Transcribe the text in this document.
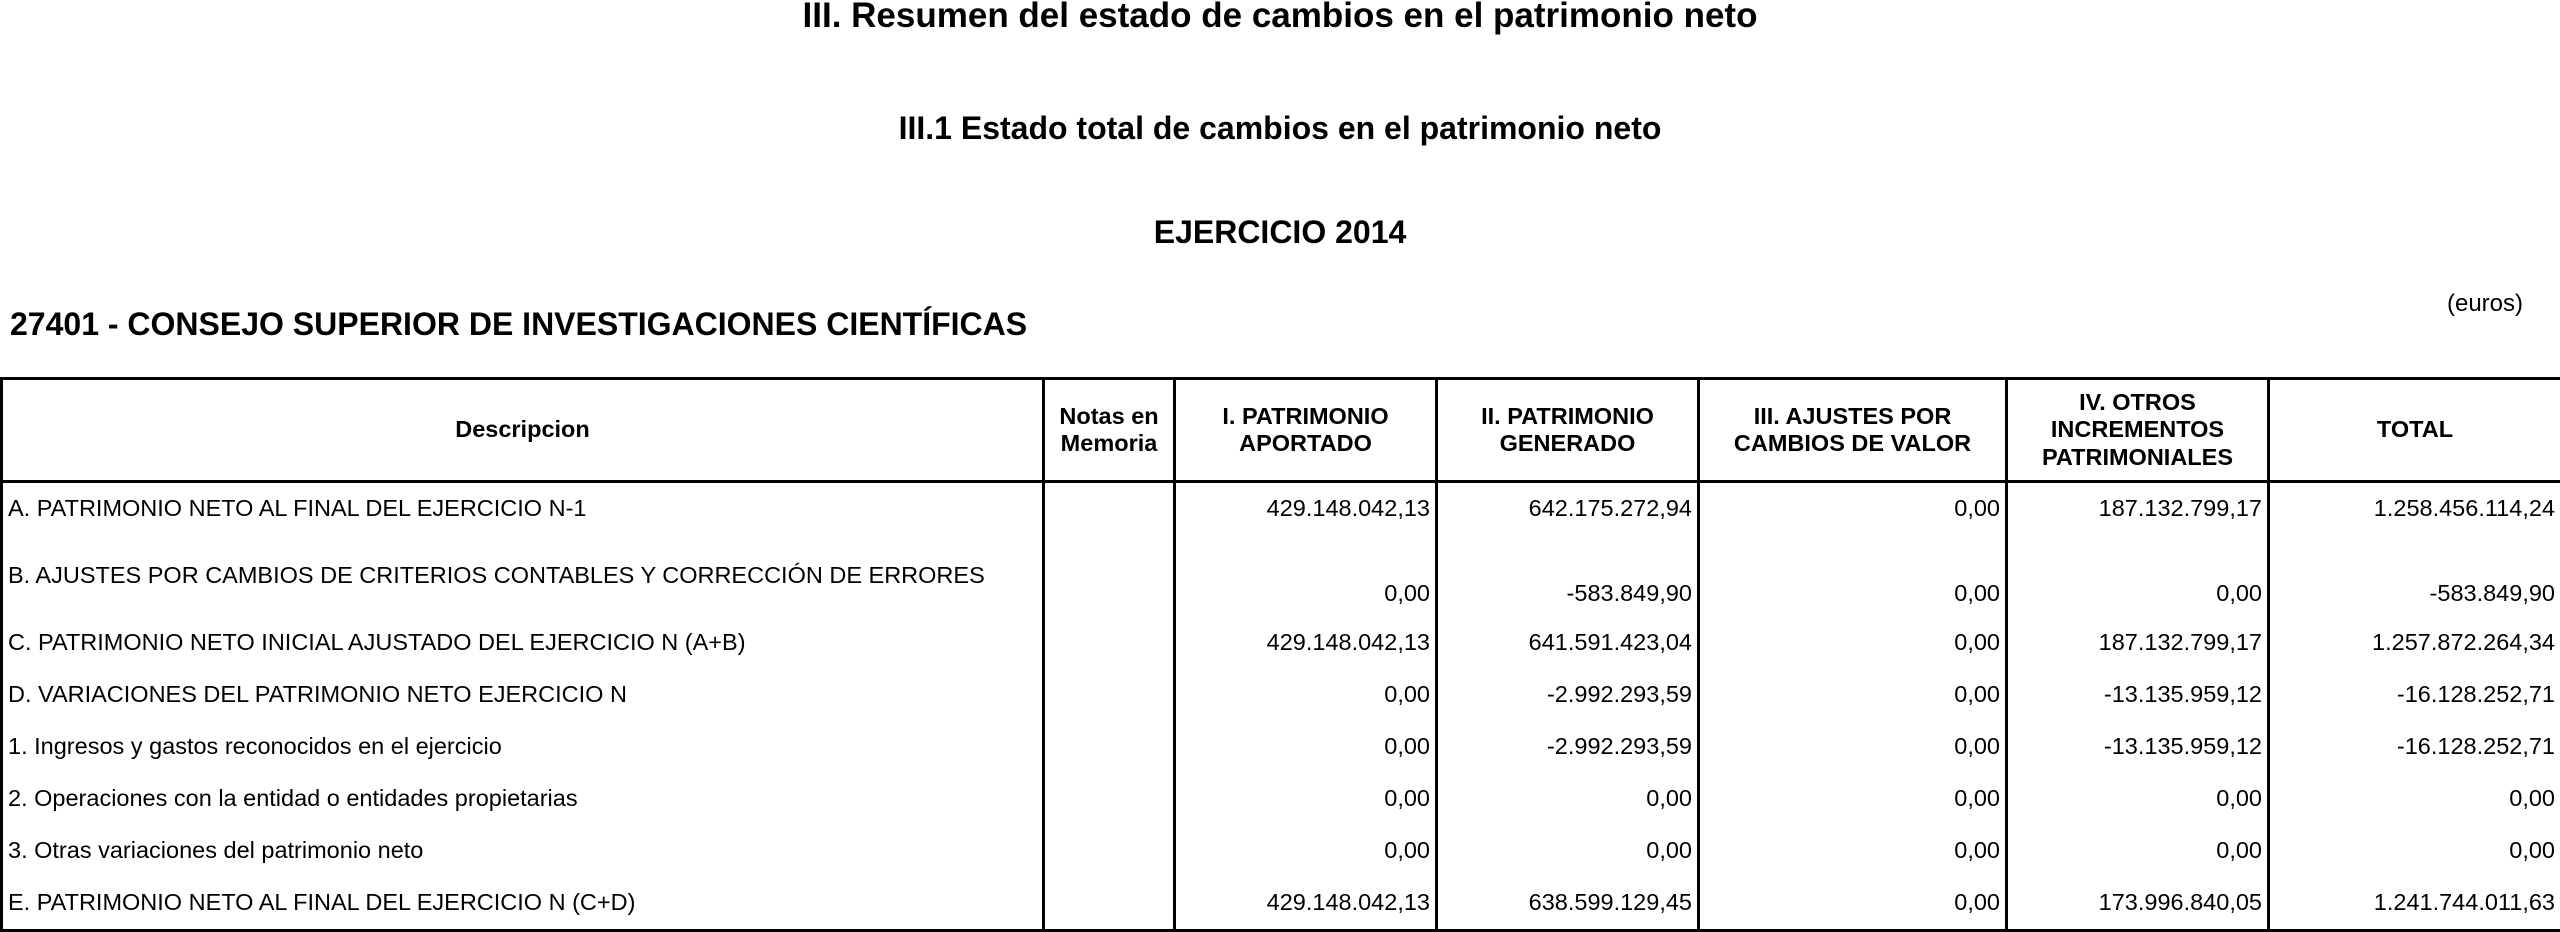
III. Resumen del estado de cambios en el patrimonio neto
III.1 Estado total de cambios en el patrimonio neto
EJERCICIO 2014
27401 - CONSEJO SUPERIOR DE INVESTIGACIONES CIENTÍFICAS
(euros)
Descripcion	Notas en Memoria	I. PATRIMONIO APORTADO	II. PATRIMONIO GENERADO	III. AJUSTES POR CAMBIOS DE VALOR	IV. OTROS INCREMENTOS PATRIMONIALES	TOTAL
A. PATRIMONIO NETO AL FINAL DEL EJERCICIO N-1		429.148.042,13	642.175.272,94	0,00	187.132.799,17	1.258.456.114,24
B. AJUSTES POR CAMBIOS DE CRITERIOS CONTABLES Y CORRECCIÓN DE ERRORES		0,00	-583.849,90	0,00	0,00	-583.849,90
C. PATRIMONIO NETO INICIAL AJUSTADO DEL EJERCICIO N (A+B)		429.148.042,13	641.591.423,04	0,00	187.132.799,17	1.257.872.264,34
D. VARIACIONES DEL PATRIMONIO NETO EJERCICIO N		0,00	-2.992.293,59	0,00	-13.135.959,12	-16.128.252,71
1. Ingresos y gastos reconocidos en el ejercicio		0,00	-2.992.293,59	0,00	-13.135.959,12	-16.128.252,71
2. Operaciones con la entidad o entidades propietarias		0,00	0,00	0,00	0,00	0,00
3. Otras variaciones del patrimonio neto		0,00	0,00	0,00	0,00	0,00
E. PATRIMONIO NETO AL FINAL DEL EJERCICIO N (C+D)		429.148.042,13	638.599.129,45	0,00	173.996.840,05	1.241.744.011,63
